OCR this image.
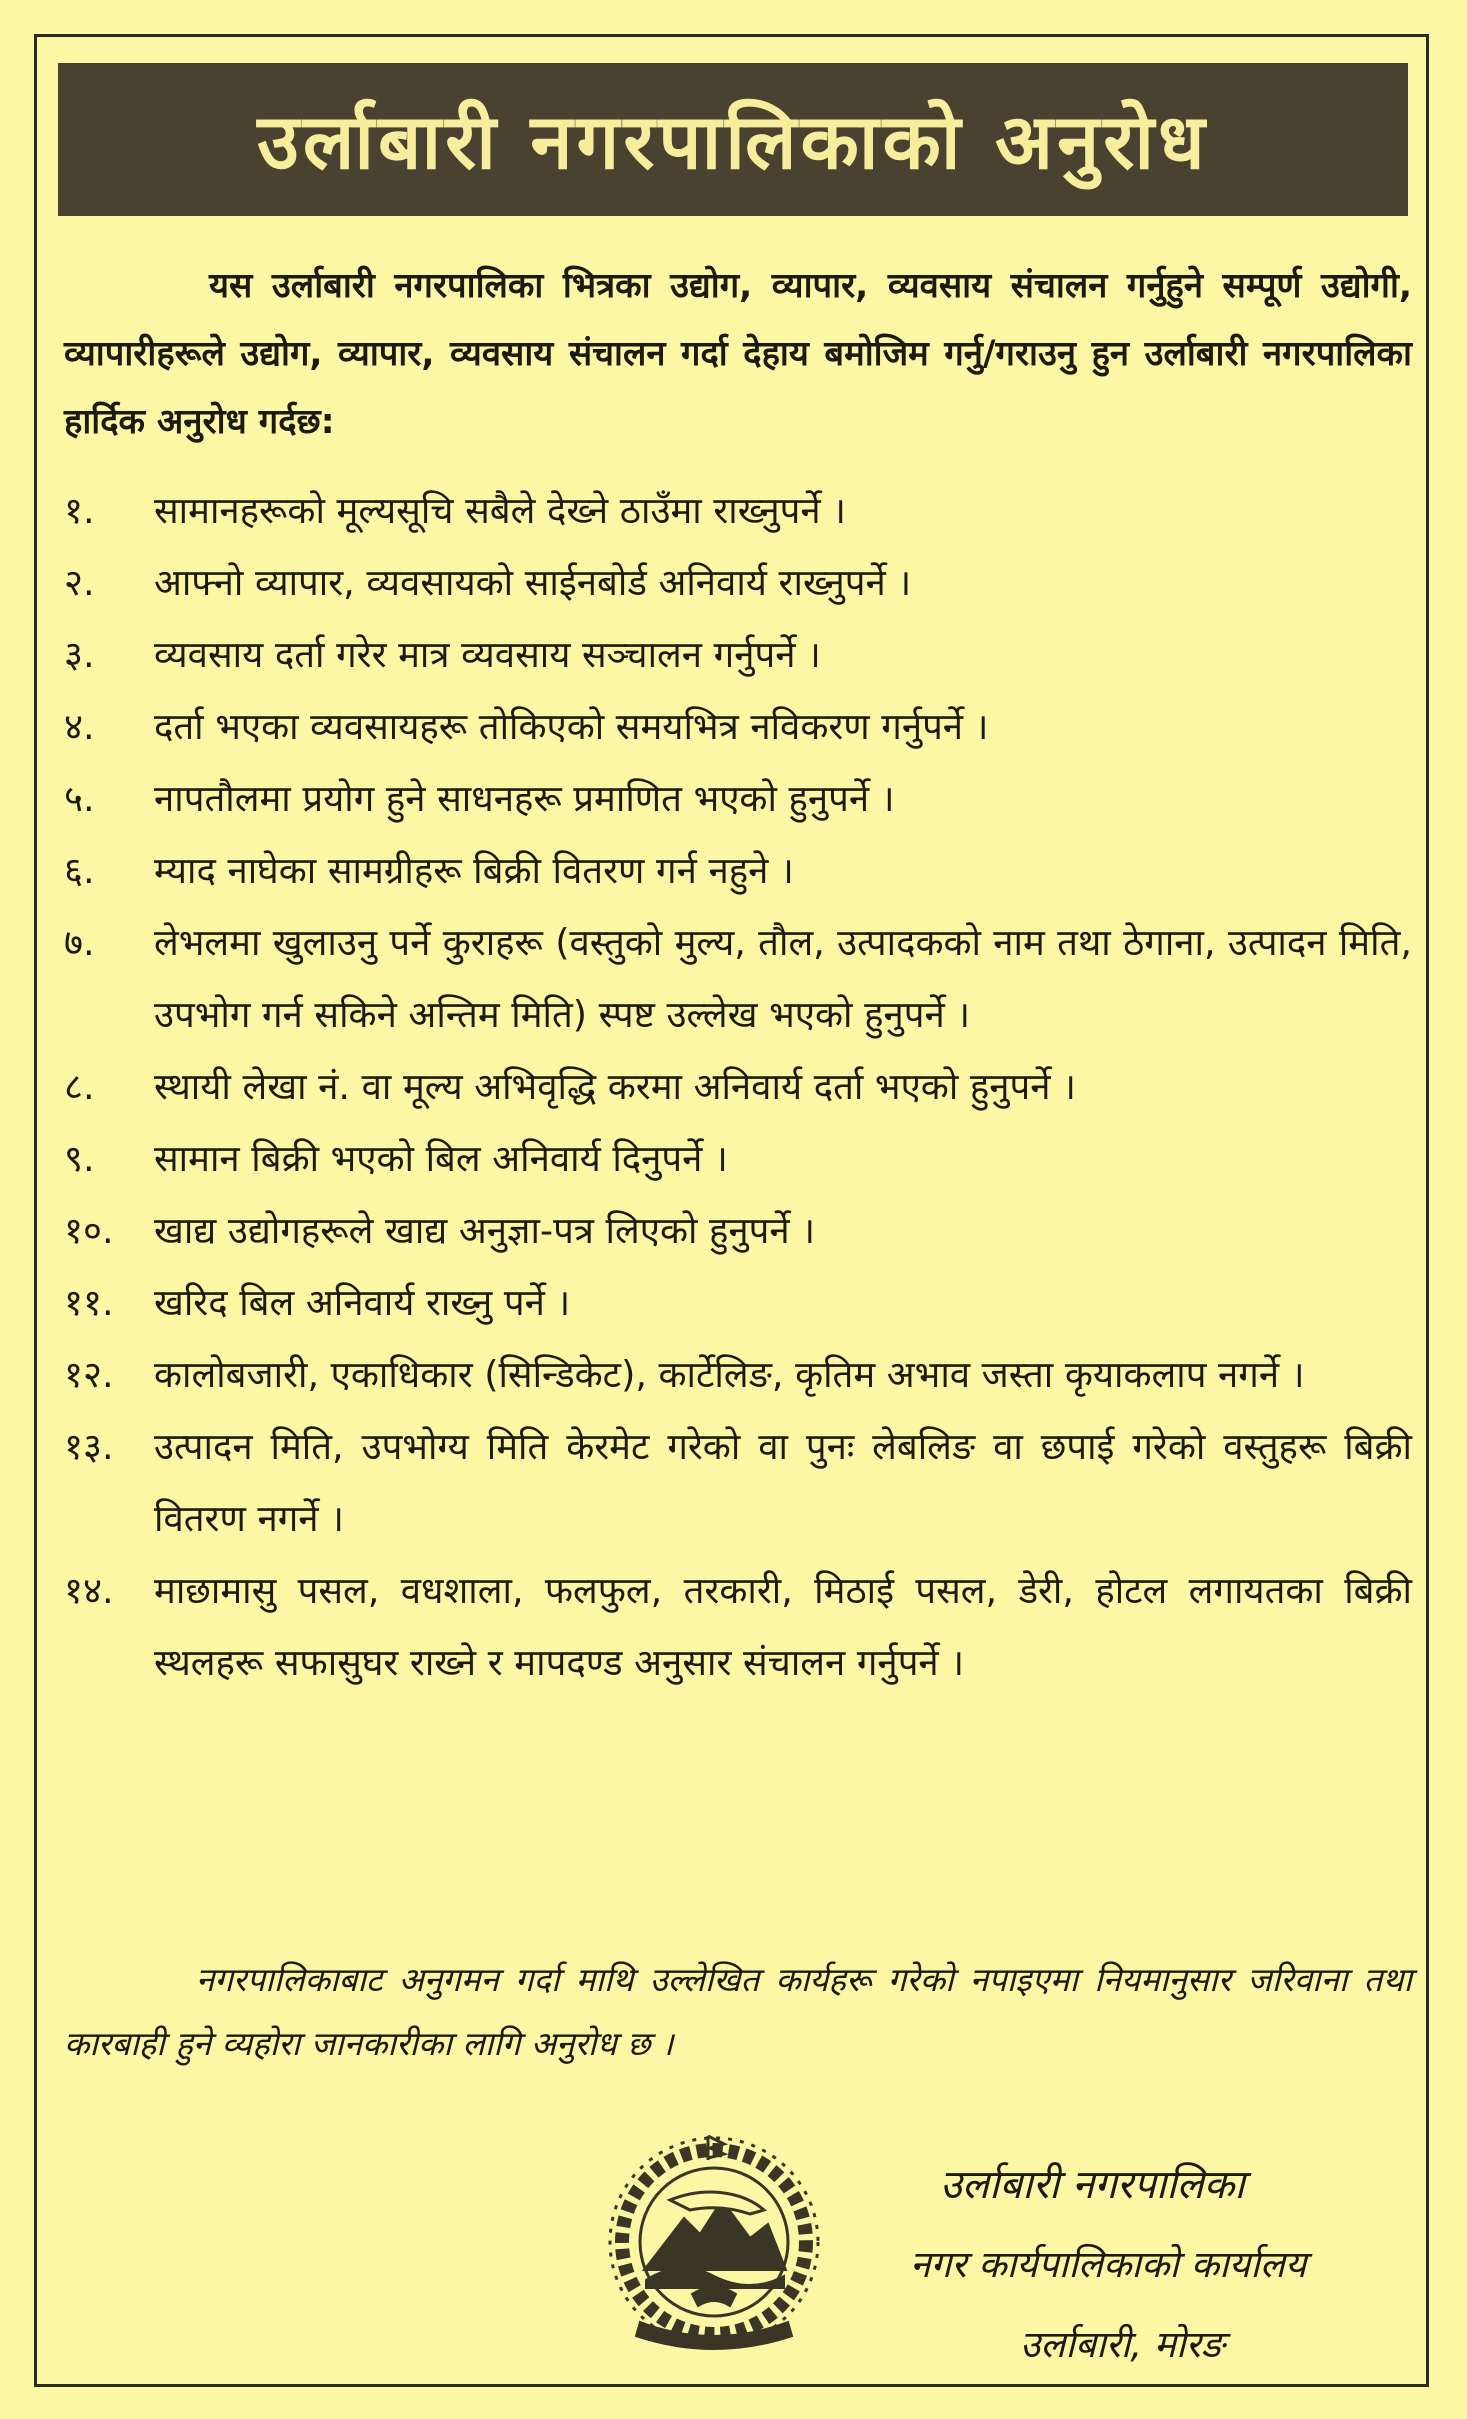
उर्लाबारी नगरपालिकाको अनुरोध
यस उर्लाबारी नगरपालिका भित्रका उद्योग, व्यापार, व्यवसाय संचालन गर्नुहुने सम्पूर्ण उद्योगी, व्यापारीहरूले उद्योग, व्यापार, व्यवसाय संचालन गर्दा देहाय बमोजिम गर्नु/गराउनु हुन उर्लाबारी नगरपालिका हार्दिक अनुरोध गर्दछ:
१.	सामानहरूको मूल्यसूचि सबैले देख्ने ठाउँमा राख्नुपर्ने ।
२.	आफ्नो व्यापार, व्यवसायको साईनबोर्ड अनिवार्य राख्नुपर्ने ।
३.	व्यवसाय दर्ता गरेर मात्र व्यवसाय सञ्चालन गर्नुपर्ने ।
४.	दर्ता भएका व्यवसायहरू तोकिएको समयभित्र नविकरण गर्नुपर्ने ।
५.	नापतौलमा प्रयोग हुने साधनहरू प्रमाणित भएको हुनुपर्ने ।
६.	म्याद नाघेका सामग्रीहरू बिक्री वितरण गर्न नहुने ।
७.	लेभलमा खुलाउनु पर्ने कुराहरू (वस्तुको मुल्य, तौल, उत्पादकको नाम तथा ठेगाना, उत्पादन मिति, उपभोग गर्न सकिने अन्तिम मिति) स्पष्ट उल्लेख भएको हुनुपर्ने ।
८.	स्थायी लेखा नं. वा मूल्य अभिवृद्धि करमा अनिवार्य दर्ता भएको हुनुपर्ने ।
९.	सामान बिक्री भएको बिल अनिवार्य दिनुपर्ने ।
१०.	खाद्य उद्योगहरूले खाद्य अनुज्ञा-पत्र लिएको हुनुपर्ने ।
११.	खरिद बिल अनिवार्य राख्नु पर्ने ।
१२.	कालोबजारी, एकाधिकार (सिन्डिकेट), कार्टेलिङ, कृतिम अभाव जस्ता कृयाकलाप नगर्ने ।
१३.	उत्पादन मिति, उपभोग्य मिति केरमेट गरेको वा पुनः लेबलिङ वा छपाई गरेको वस्तुहरू बिक्री वितरण नगर्ने ।
१४.	माछामासु पसल, वधशाला, फलफुल, तरकारी, मिठाई पसल, डेरी, होटल लगायतका बिक्री स्थलहरू सफासुघर राख्ने र मापदण्ड अनुसार संचालन गर्नुपर्ने ।
नगरपालिकाबाट अनुगमन गर्दा माथि उल्लेखित कार्यहरू गरेको नपाइएमा नियमानुसार जरिवाना तथा कारबाही हुने व्यहोरा जानकारीका लागि अनुरोध छ ।
उर्लाबारी नगरपालिका
नगर कार्यपालिकाको कार्यालय
उर्लाबारी, मोरङ
